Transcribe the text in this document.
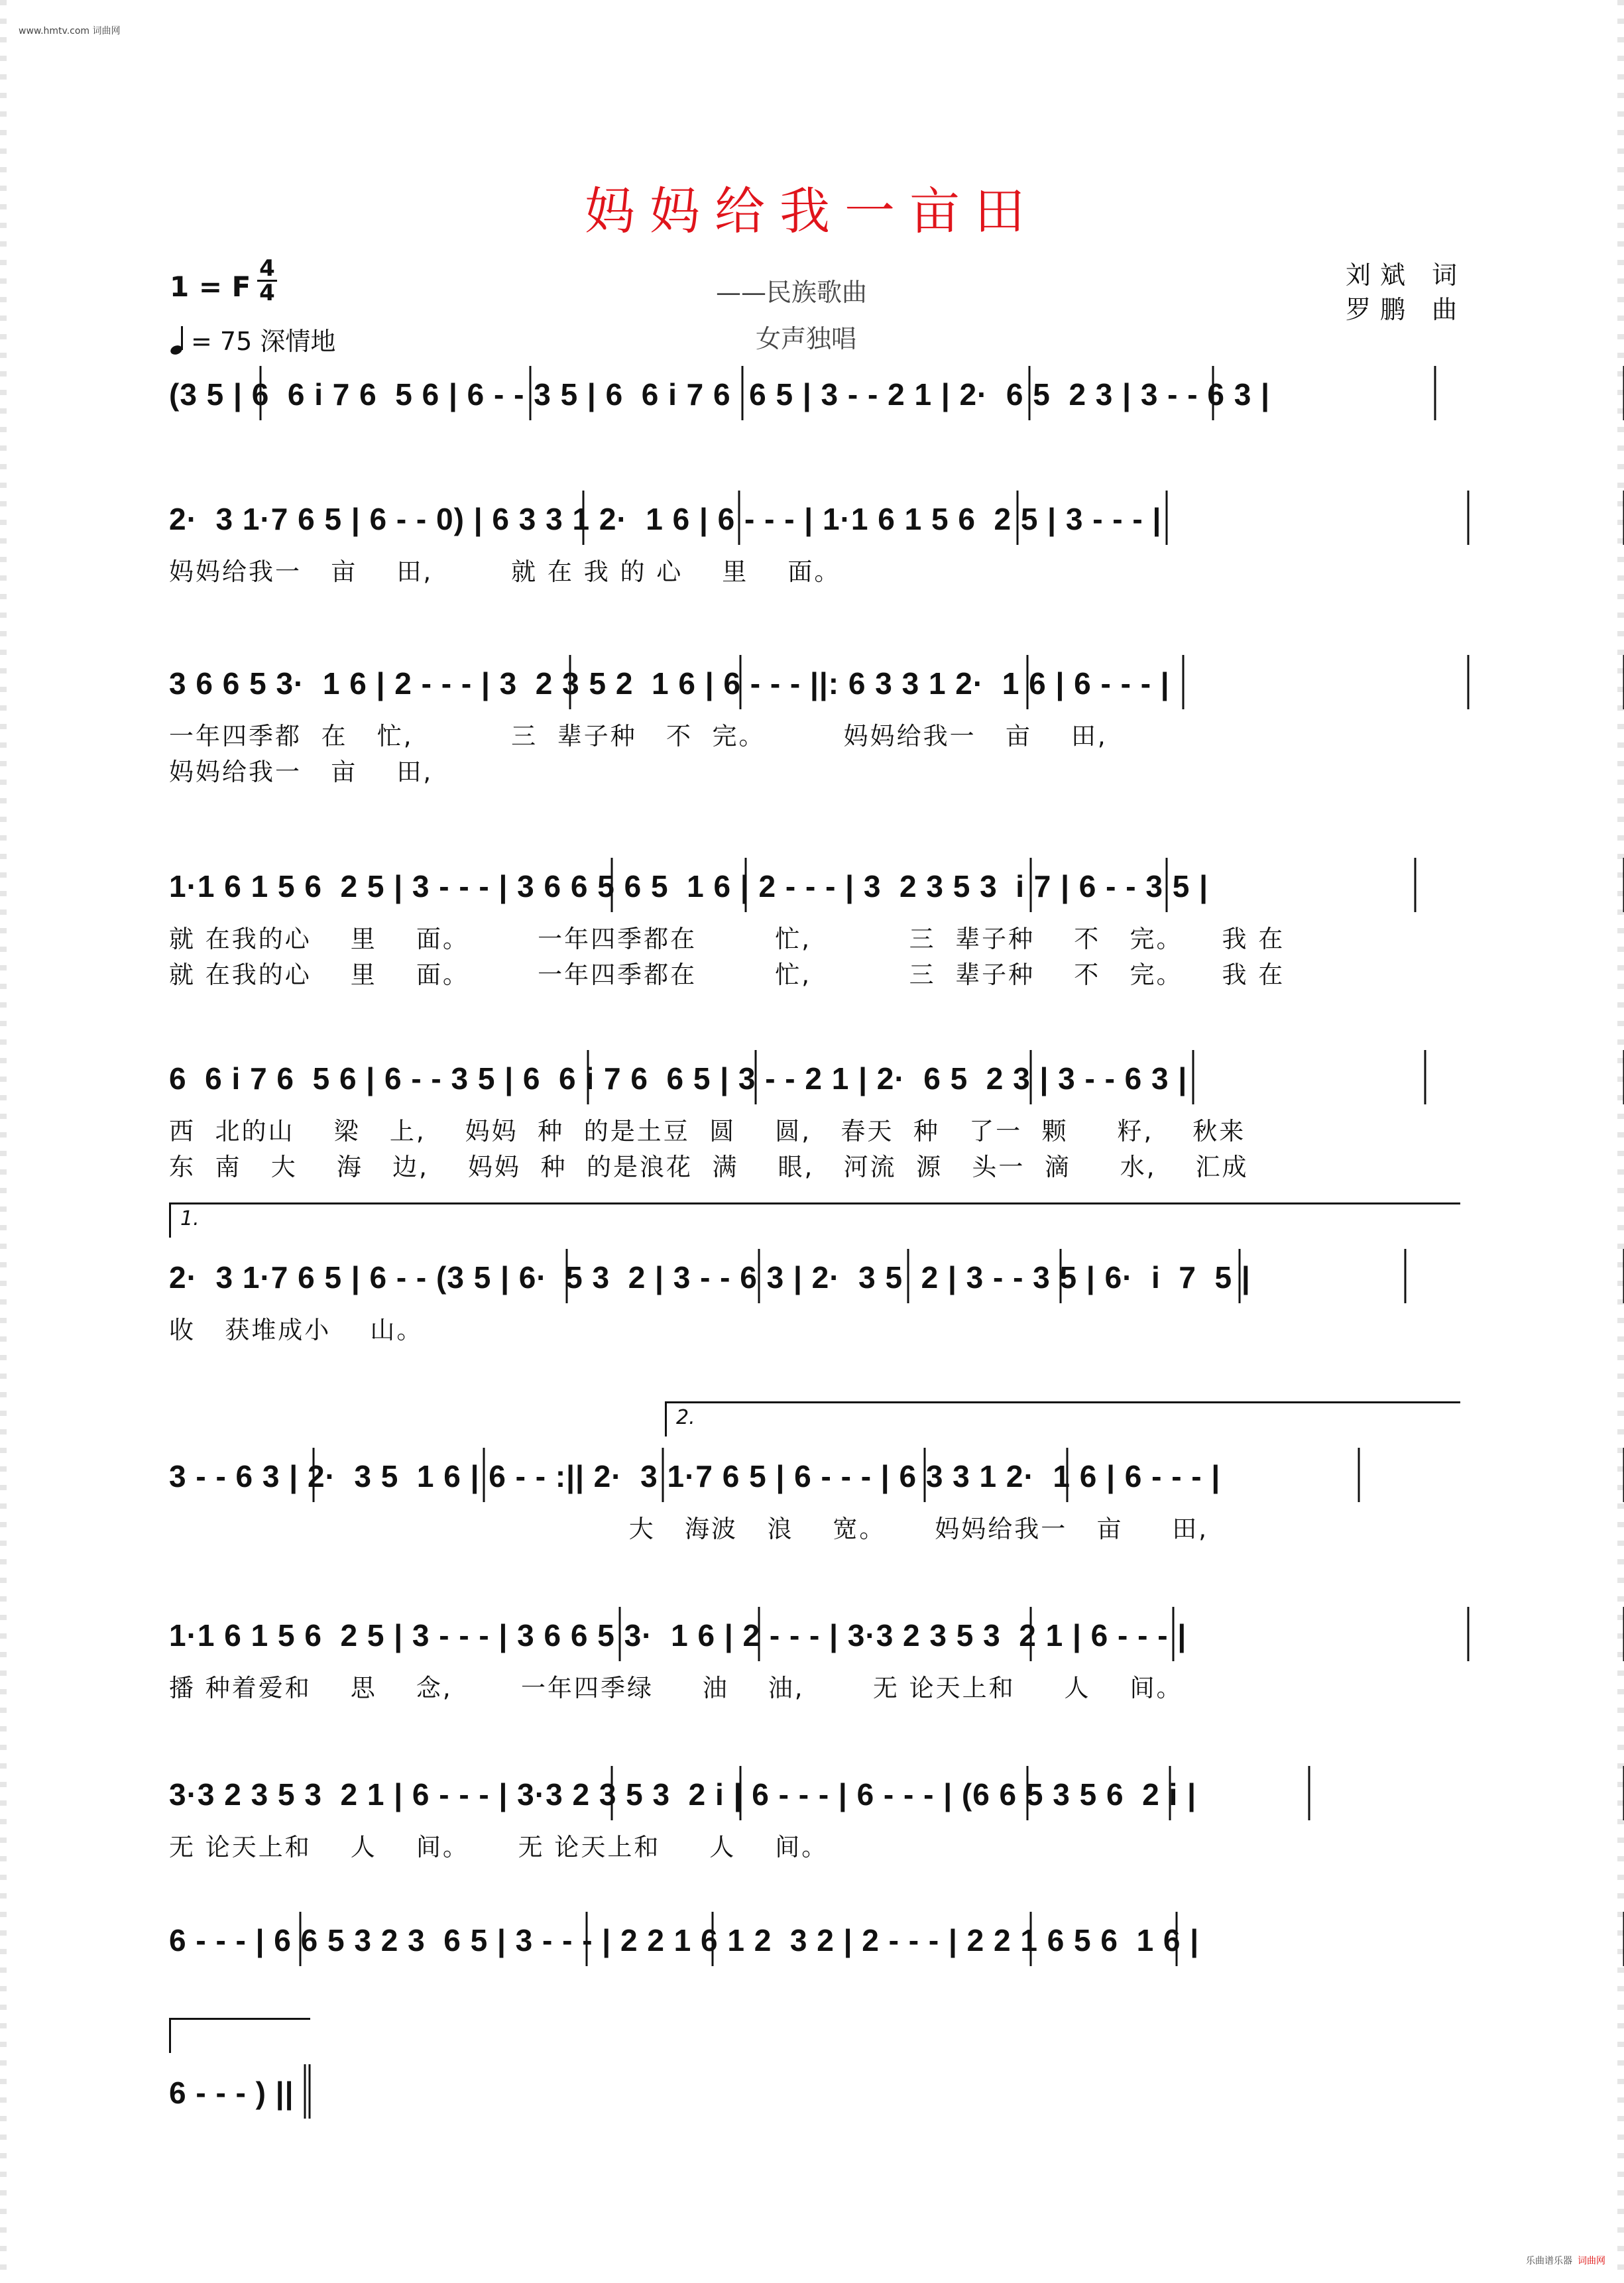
www.hmtv.com 词曲网
妈妈给我一亩田
1 = F
4
4
= 75 深情地
——民族歌曲
女声独唱
刘斌 词
罗鹏 曲
(3 5 | 6  6 i 7 6  5 6 | 6 - - 3 5 | 6  6 i 7 6  6 5 | 3 - - 2 1 | 2·  6 5  2 3 | 3 - - 6 3 |
2·  3 1·7 6 5 | 6 - - 0) | 6 3 3 1 2·  1 6 | 6 - - - | 1·1 6 1 5 6  2 5 | 3 - - - |
妈妈给我一   亩    田,        就 在 我 的 心    里    面。
3 6 6 5 3·  1 6 | 2 - - - | 3  2 3 5 2  1 6 | 6 - - - ||: 6 3 3 1 2·  1 6 | 6 - - - |
一年四季都  在   忙,          三  辈子种   不  完。        妈妈给我一   亩    田,
妈妈给我一   亩    田,
1·1 6 1 5 6  2 5 | 3 - - - | 3 6 6 5 6 5  1 6 | 2 - - - | 3  2 3 5 3  i 7 | 6 - - 3 5 |
就 在我的心    里    面。       一年四季都在        忙,          三  辈子种    不   完。    我 在
就 在我的心    里    面。       一年四季都在        忙,          三  辈子种    不   完。    我 在
6  6 i 7 6  5 6 | 6 - - 3 5 | 6  6 i 7 6  6 5 | 3 - - 2 1 | 2·  6 5  2 3 | 3 - - 6 3 |
西  北的山    梁   上,    妈妈  种  的是土豆  圆    圆,   春天  种   了一  颗     籽,    秋来
东  南   大    海   边,    妈妈  种  的是浪花  满    眼,   河流  源   头一  滴     水,    汇成
2·  3 1·7 6 5 | 6 - - (3 5 | 6·  5 3  2 | 3 - - 6 3 | 2·  3 5  2 | 3 - - 3 5 | 6·  i  7  5 |
收   获堆成小    山。
1.
3 - - 6 3 | 2·  3 5  1 6 | 6 - - :|| 2·  3 1·7 6 5 | 6 - - - | 6 3 3 1 2·  1 6 | 6 - - - |
大   海波   浪    宽。     妈妈给我一   亩     田,
2.
1·1 6 1 5 6  2 5 | 3 - - - | 3 6 6 5 3·  1 6 | 2 - - - | 3·3 2 3 5 3  2 1 | 6 - - - |
播 种着爱和    思    念,       一年四季绿     油    油,       无 论天上和     人    间。
3·3 2 3 5 3  2 1 | 6 - - - | 3·3 2 3 5 3  2 i | 6 - - - | 6 - - - | (6 6 5 3 5 6  2 i |
无 论天上和    人    间。     无 论天上和     人    间。
6 - - - | 6 6 5 3 2 3  6 5 | 3 - - - | 2 2 1 6 1 2  3 2 | 2 - - - | 2 2 1 6 5 6  1 6 |
6 - - - ) ||
乐曲谱乐器 词曲网
